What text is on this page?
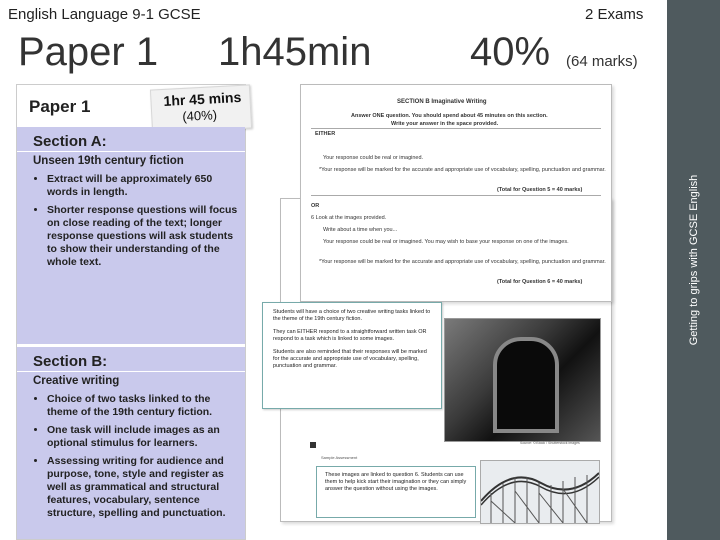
English Language 9-1 GCSE	2 Exams
Paper 1 1h45min 40% (64 marks)
Getting to grips with GCSE English
Paper 1	1hr 45 mins
(40%)
Section A:
Unseen 19th century fiction
• Extract will be approximately 650 words in length.
• Shorter response questions will focus on close reading of the text; longer response questions will ask students to show their understanding of the whole text.
Section B:
Creative writing
• Choice of two tasks linked to the theme of the 19th century fiction.
• One task will include images as an optional stimulus for learners.
• Assessing writing for audience and purpose, tone, style and register as well as grammatical and structural features, vocabulary, sentence structure, spelling and punctuation.
Sample Assessment
SECTION B Imaginative Writing
Answer ONE question. You should spend about 45 minutes on this section.
Write your answer in the space provided.
EITHER
Your response could be real or imagined.
*Your response will be marked for the accurate and appropriate use of vocabulary, spelling, punctuation and grammar.
(Total for Question 5 = 40 marks)
OR
6 Look at the images provided.
Write about a time when you...
Your response could be real or imagined. You may wish to base your response on one of the images.
*Your response will be marked for the accurate and appropriate use of vocabulary, spelling, punctuation and grammar.
(Total for Question 6 = 40 marks)

Students will have a choice of two creative writing tasks linked to the theme of the 19th century fiction.

They can EITHER respond to a straightforward written task OR respond to a task which is linked to some images.

Students are also reminded that their responses will be marked for the accurate and appropriate use of vocabulary, spelling, punctuation and grammar.

Source: ©iStock / Shutterstock images

These images are linked to question 6. Students can use them to help kick start their imagination or they can simply answer the question without using the images.
